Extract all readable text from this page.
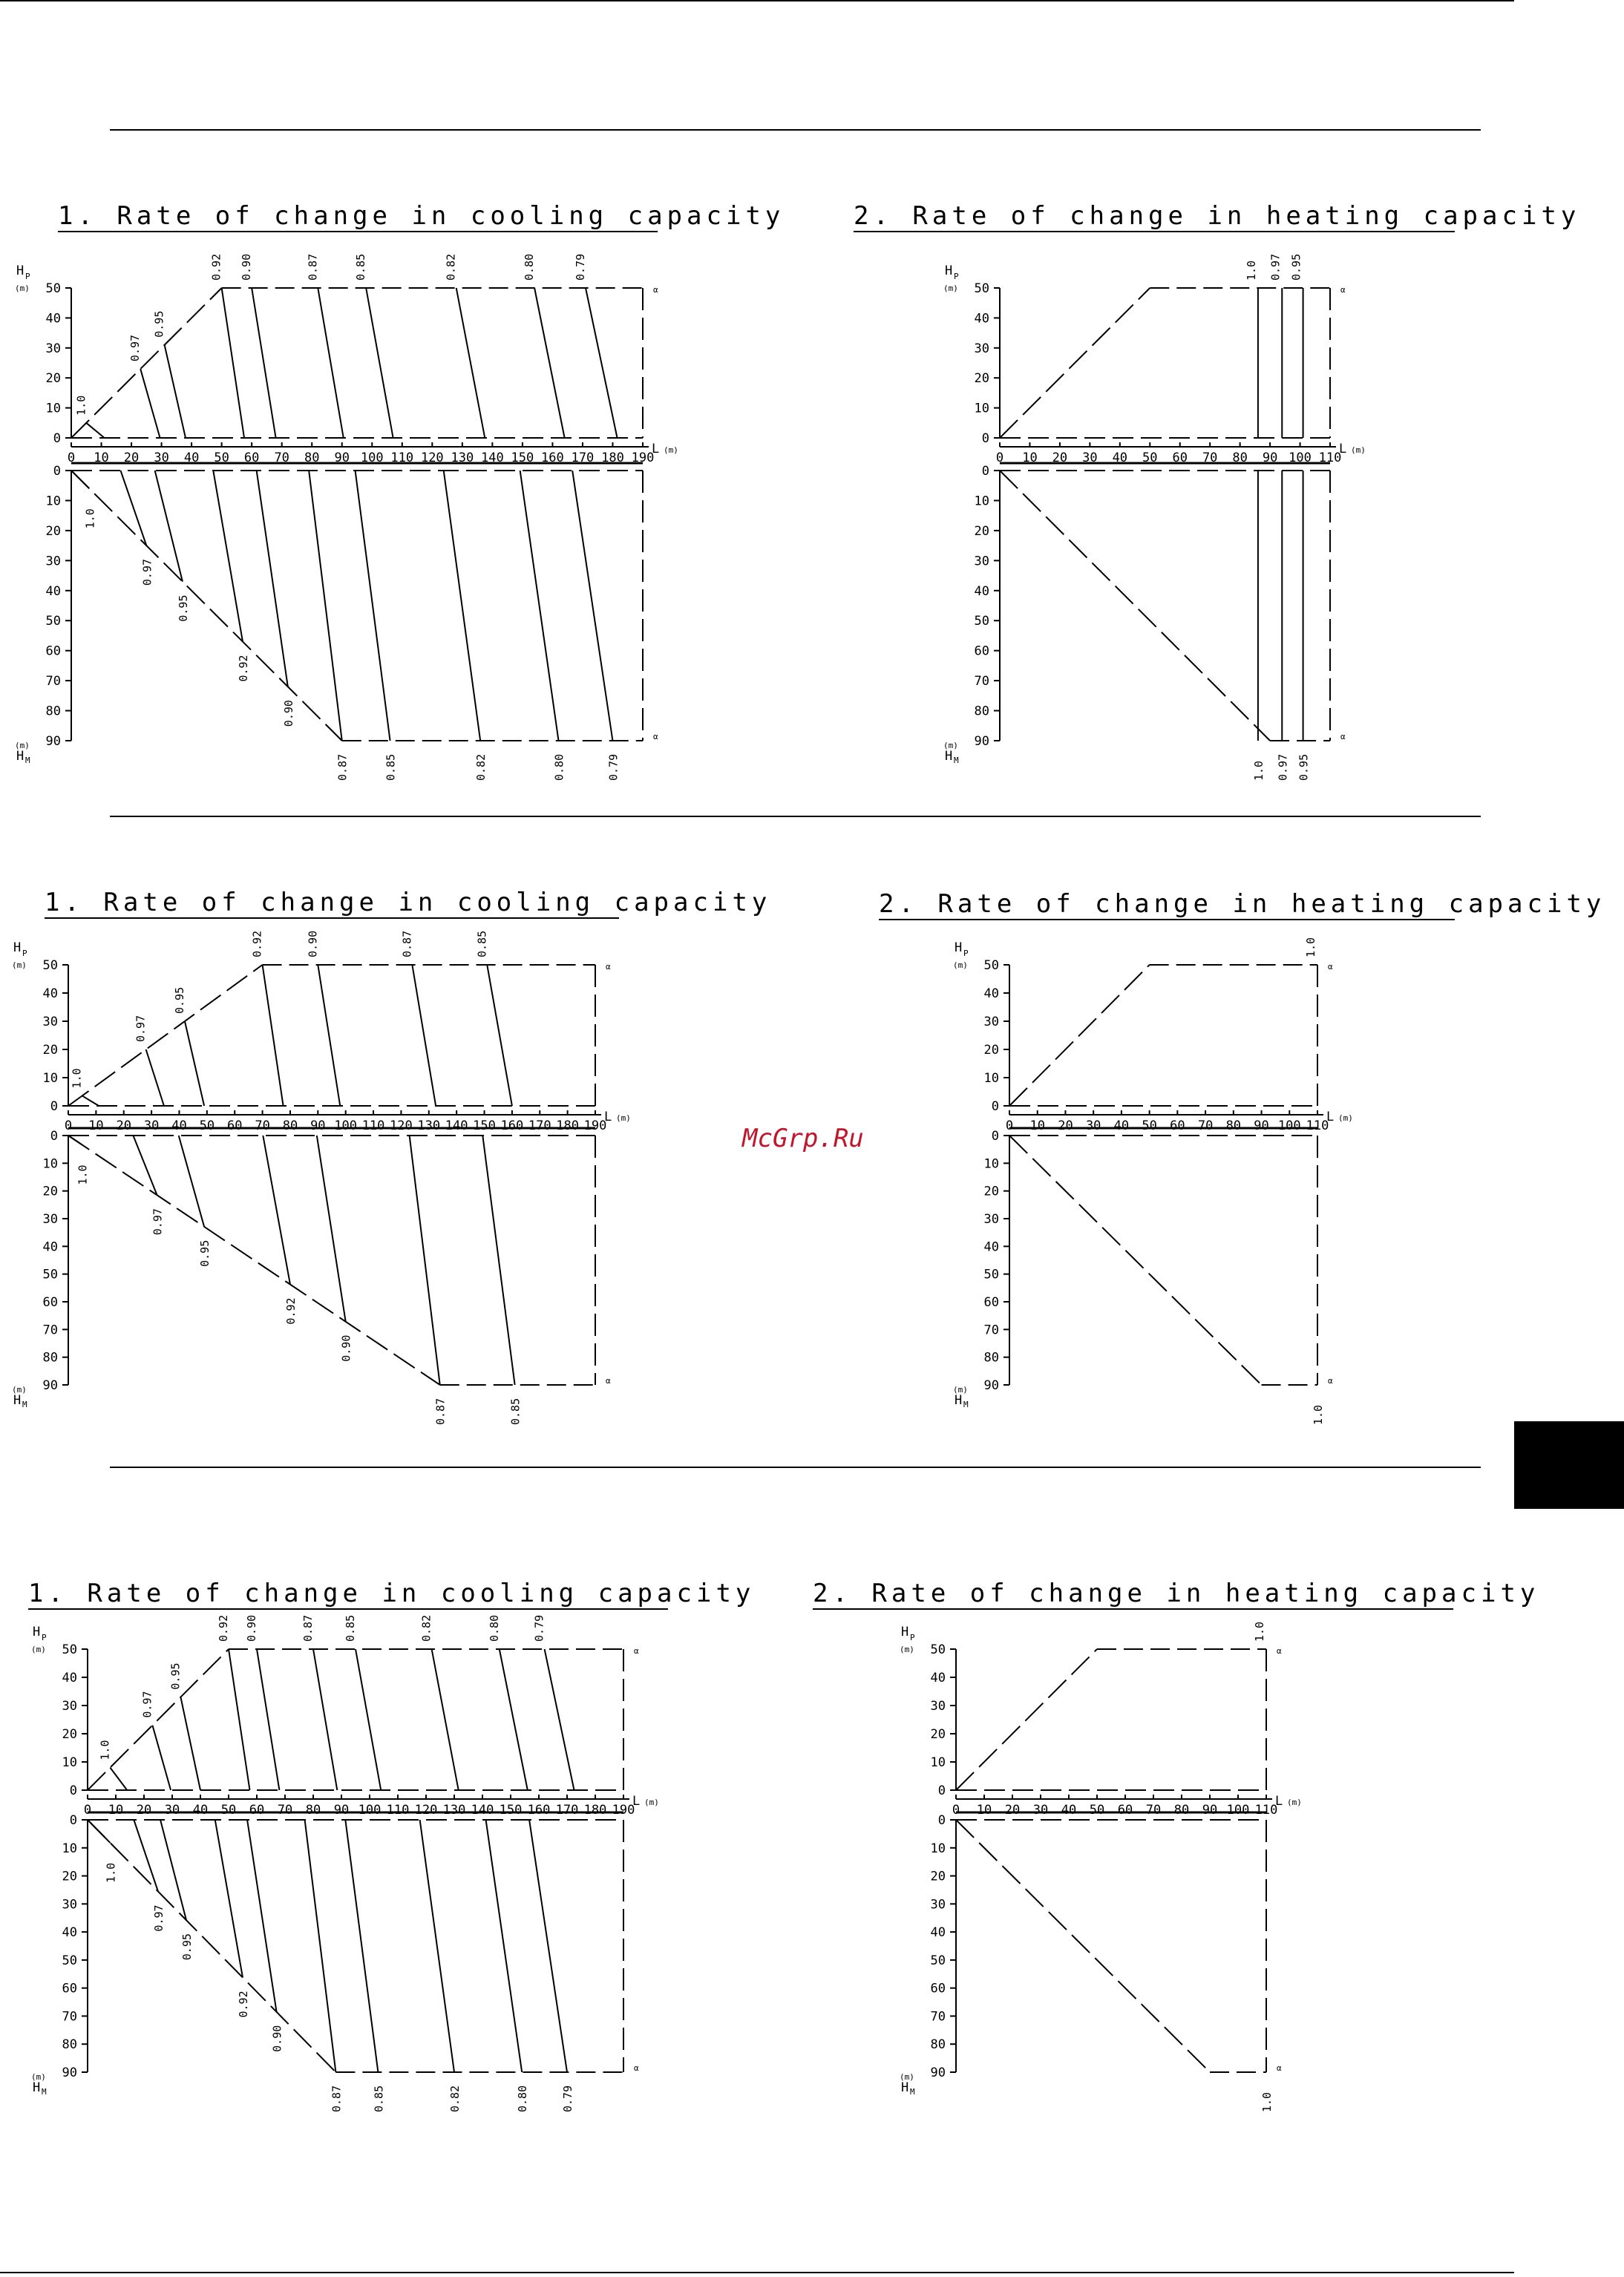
McGrp.Ru
1. Rate of change in cooling capacity
0
10
20
30
40
50
0
10
20
30
40
50
60
70
80
90
0 10 20 30 40 50 60 70 80 90 100 110 120 130 140 150 160 170 180 190
H P
(m)
(m)
H M
L (m)
α
α
1.0
0.97
0.95
0.92 0.90	0.87	0.85	0.82	0.80	0.79
1.0
0.97
0.95
0.92
0.90
0.87	0.85	0.82	0.80	0.79
2. Rate of change in heating capacity
0
10
20
30
40
50
0
10
20
30
40
50
60
70
80
90
0 10 20 30 40 50 60 70 80 90 100 110
H P
(m)
(m)
H M
L (m)
α
α
1.0
1.0
0.97
0.97
0.95
0.95
1. Rate of change in cooling capacity
0
10
20
30
40
50
0
10
20
30
40
50
60
70
80
90
0 10 20 30 40 50 60 70 80 90 100 110 120 130 140 150 160 170 180 190
H P
(m)
(m)
H M
L (m)
α
α
1.0
0.97
0.95
0.92	0.90	0.87	0.85
1.0
0.97
0.95
0.92
0.90
0.87	0.85
2. Rate of change in heating capacity
0
10
20
30
40
50
0
10
20
30
40
50
60
70
80
90
0 10 20 30 40 50 60 70 80 90 100 110
H P
(m)
(m)
H M
L (m)
α
α
1.0
1.0
1. Rate of change in cooling capacity
0
10
20
30
40
50
0
10
20
30
40
50
60
70
80
90
0 10 20 30 40 50 60 70 80 90 100 110 120 130 140 150 160 170 180 190
H P
(m)
(m)
H M
L (m)
α
α
1.0
0.97
0.95
0.92 0.90	0.87	0.85	0.82	0.80	0.79
1.0
0.97
0.95
0.92
0.90
0.87	0.85	0.82	0.80	0.79
2. Rate of change in heating capacity
0
10
20
30
40
50
0
10
20
30
40
50
60
70
80
90
0 10 20 30 40 50 60 70 80 90 100 110
H P
(m)
(m)
H M
L (m)
α
α
1.0
1.0
